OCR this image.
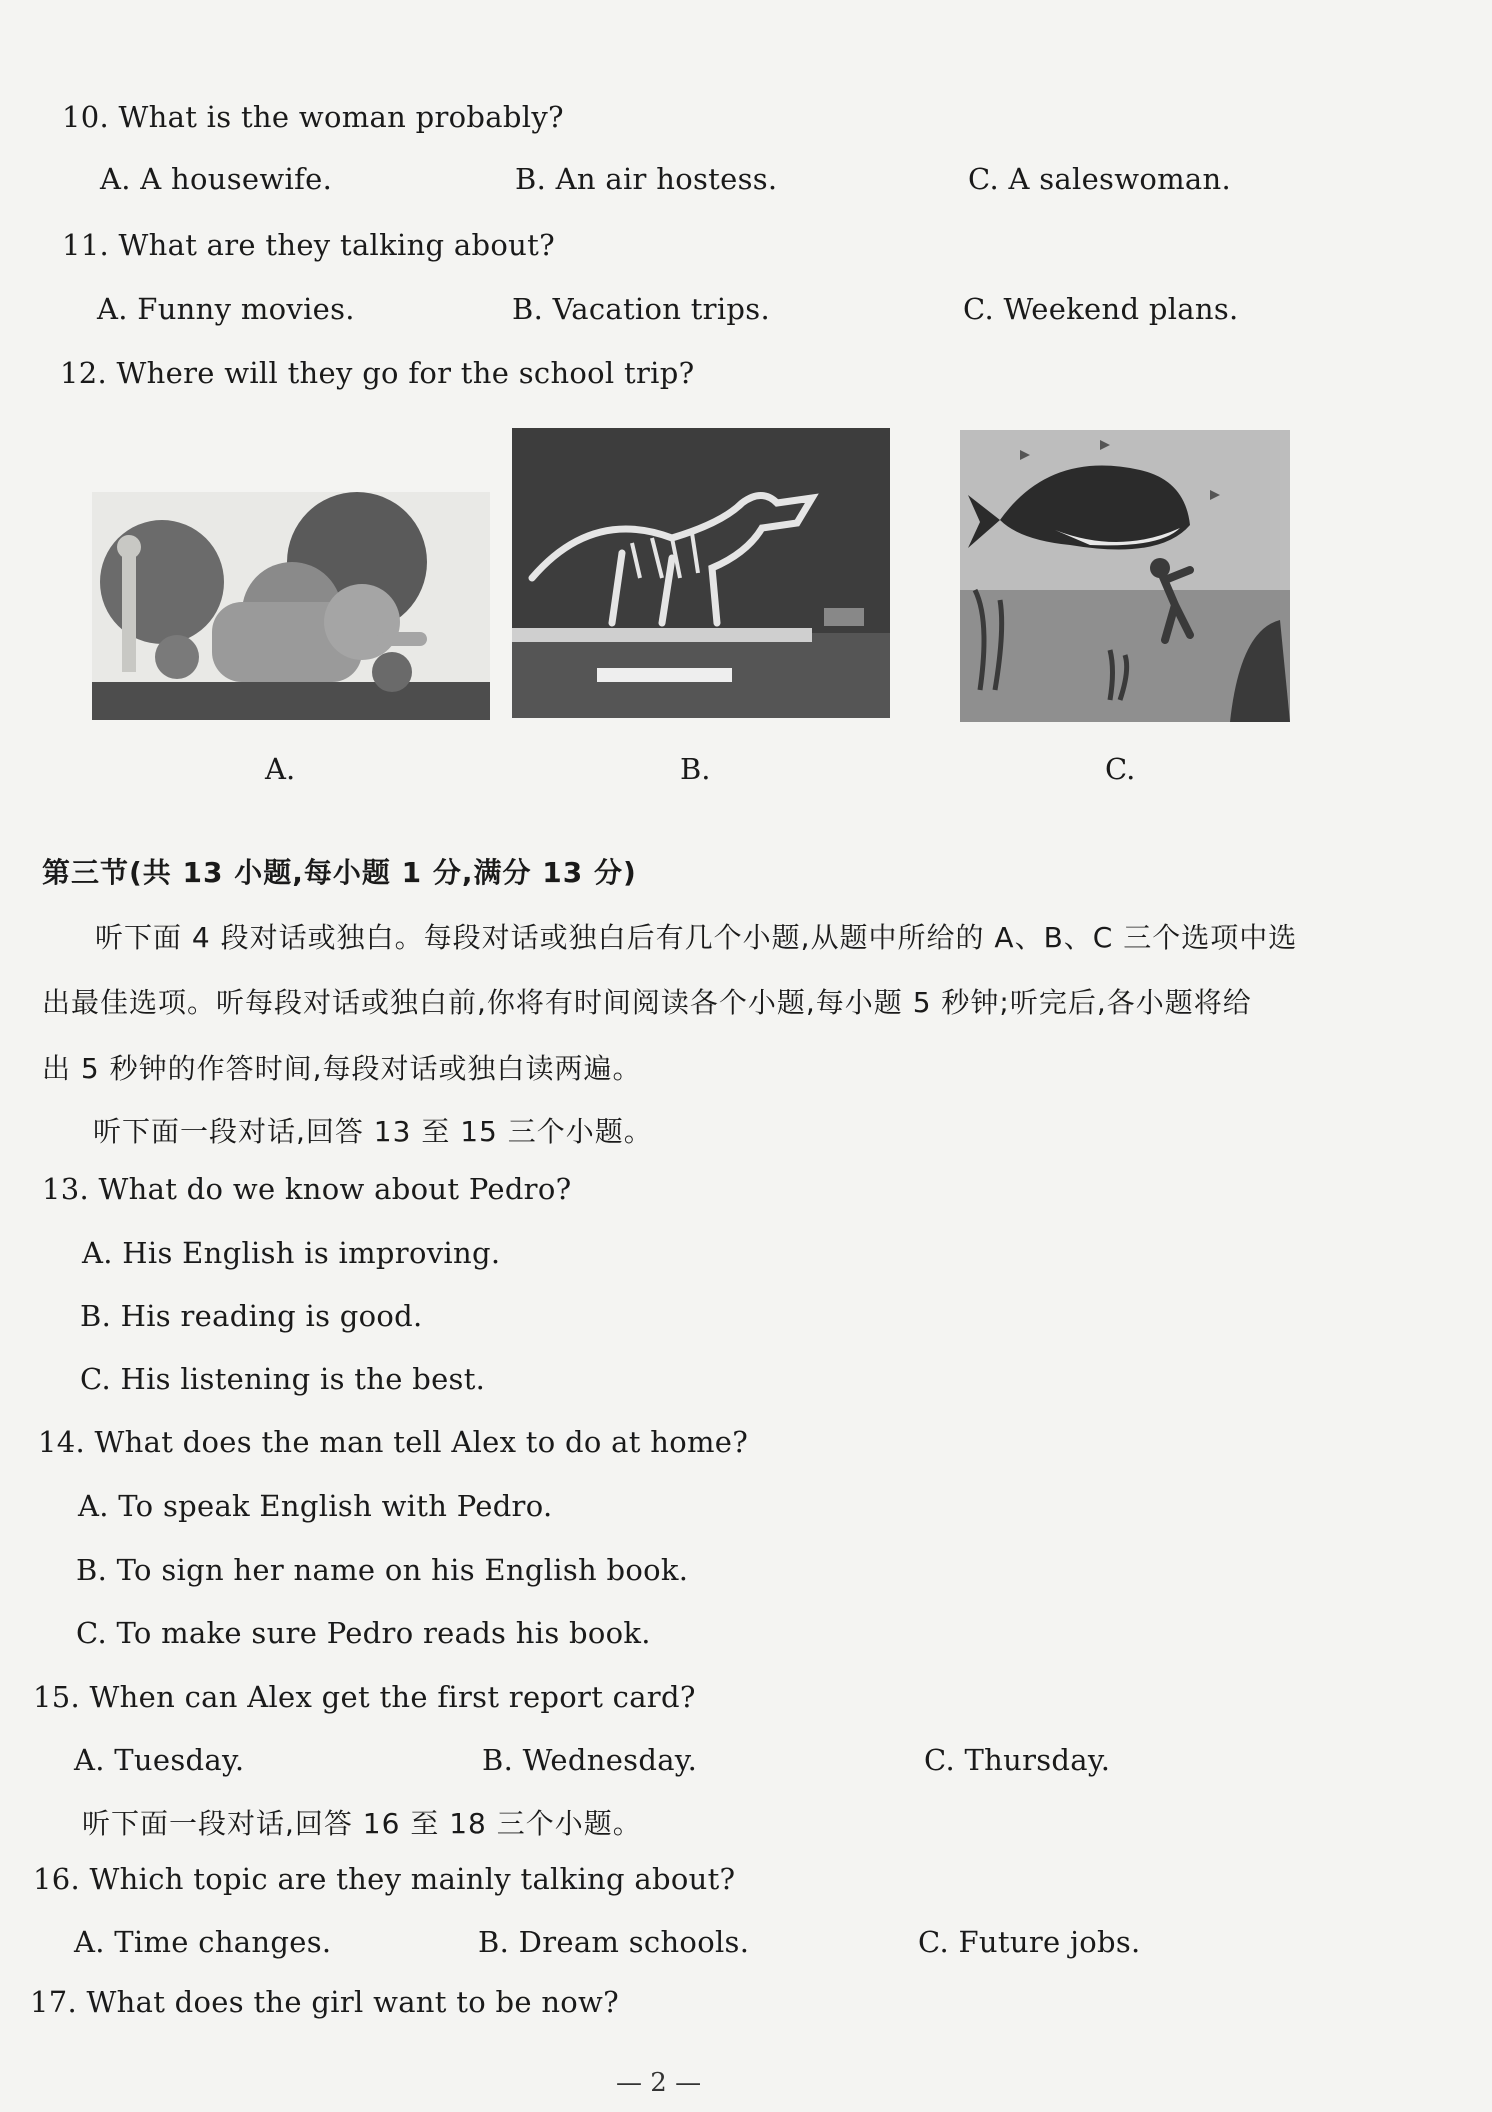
10. What is the woman probably?
A. A housewife.	B. An air hostess.	C. A saleswoman.
11. What are they talking about?
A. Funny movies.	B. Vacation trips.	C. Weekend plans.
12. Where will they go for the school trip?
A.	B.	C.
第三节(共 13 小题,每小题 1 分,满分 13 分)
听下面 4 段对话或独白。每段对话或独白后有几个小题,从题中所给的 A、B、C 三个选项中选
出最佳选项。听每段对话或独白前,你将有时间阅读各个小题,每小题 5 秒钟;听完后,各小题将给
出 5 秒钟的作答时间,每段对话或独白读两遍。
听下面一段对话,回答 13 至 15 三个小题。
13. What do we know about Pedro?
A. His English is improving.
B. His reading is good.
C. His listening is the best.
14. What does the man tell Alex to do at home?
A. To speak English with Pedro.
B. To sign her name on his English book.
C. To make sure Pedro reads his book.
15. When can Alex get the first report card?
A. Tuesday.	B. Wednesday.	C. Thursday.
听下面一段对话,回答 16 至 18 三个小题。
16. Which topic are they mainly talking about?
A. Time changes.	B. Dream schools.	C. Future jobs.
17. What does the girl want to be now?
— 2 —
